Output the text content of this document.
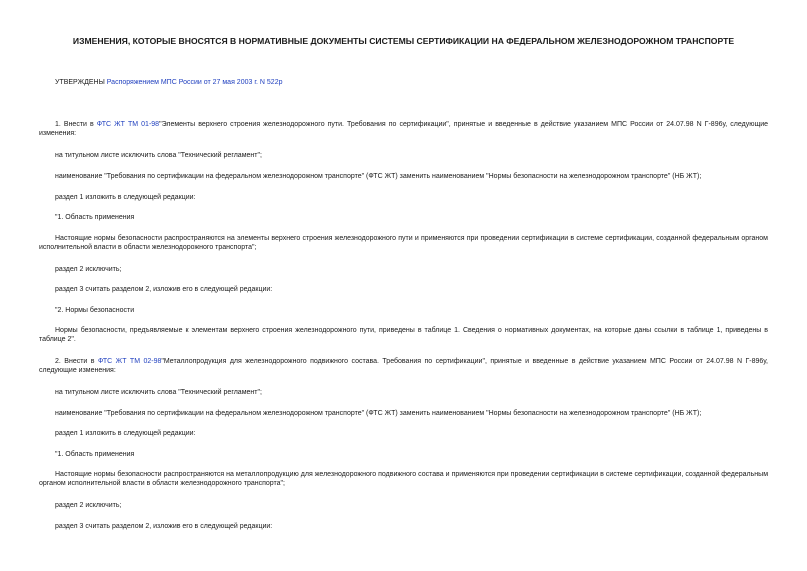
ИЗМЕНЕНИЯ, КОТОРЫЕ ВНОСЯТСЯ В НОРМАТИВНЫЕ ДОКУМЕНТЫ СИСТЕМЫ СЕРТИФИКАЦИИ НА ФЕДЕРАЛЬНОМ ЖЕЛЕЗНОДОРОЖНОМ ТРАНСПОРТЕ
УТВЕРЖДЕНЫ Распоряжением МПС России от 27 мая 2003 г. N 522р
1. Внести в ФТС ЖТ ТМ 01-98"Элементы верхнего строения железнодорожного пути. Требования по сертификации", принятые и введенные в действие указанием МПС России от 24.07.98 N Г-896у, следующие изменения:
на титульном листе исключить слова "Технический регламент";
наименование "Требования по сертификации на федеральном железнодорожном транспорте" (ФТС ЖТ) заменить наименованием "Нормы безопасности на железнодорожном транспорте" (НБ ЖТ);
раздел 1 изложить в следующей редакции:
"1. Область применения
Настоящие нормы безопасности распространяются на элементы верхнего строения железнодорожного пути и применяются при проведении сертификации в системе сертификации, созданной федеральным органом исполнительной власти в области железнодорожного транспорта";
раздел 2 исключить;
раздел 3 считать разделом 2, изложив его в следующей редакции:
"2. Нормы безопасности
Нормы безопасности, предъявляемые к элементам верхнего строения железнодорожного пути, приведены в таблице 1. Сведения о нормативных документах, на которые даны ссылки в таблице 1, приведены в таблице 2".
2. Внести в ФТС ЖТ ТМ 02-98"Металлопродукция для железнодорожного подвижного состава. Требования по сертификации", принятые и введенные в действие указанием МПС России от 24.07.98 N Г-896у, следующие изменения:
на титульном листе исключить слова "Технический регламент";
наименование "Требования по сертификации на федеральном железнодорожном транспорте" (ФТС ЖТ) заменить наименованием "Нормы безопасности на железнодорожном транспорте" (НБ ЖТ);
раздел 1 изложить в следующей редакции:
"1. Область применения
Настоящие нормы безопасности распространяются на металлопродукцию для железнодорожного подвижного состава и применяются при проведении сертификации в системе сертификации, созданной федеральным органом исполнительной власти в области железнодорожного транспорта";
раздел 2 исключить;
раздел 3 считать разделом 2, изложив его в следующей редакции:
